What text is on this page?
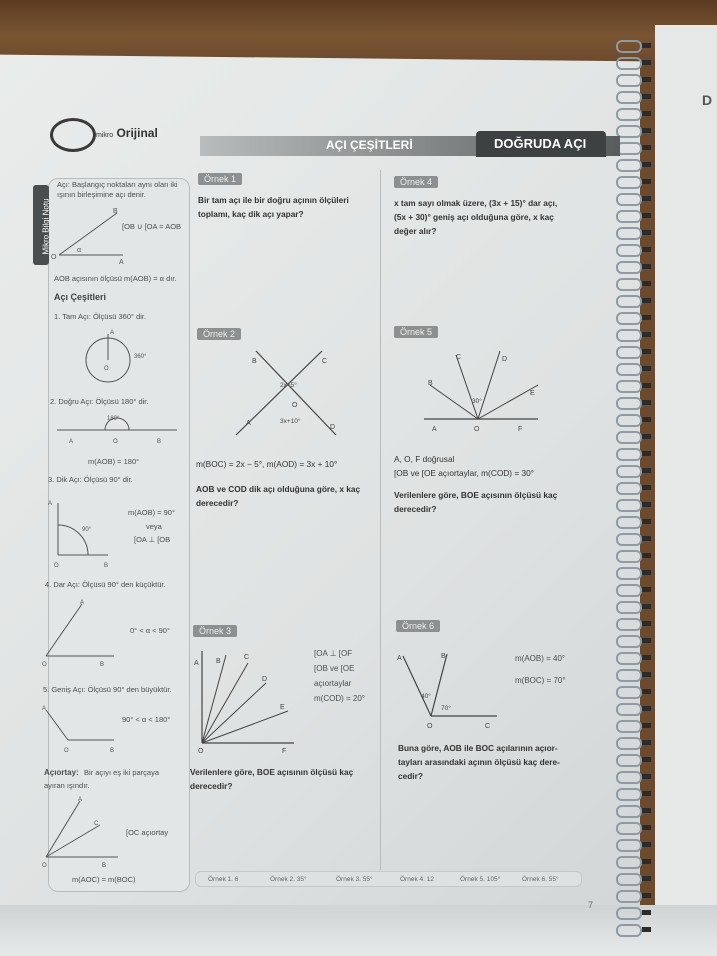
D
mikro Orijinal
AÇI ÇEŞİTLERİ	DOĞRUDA AÇI
Mikro Bilgi Notu
Açı: Başlangıç noktaları aynı olan iki
ışının birleşimine açı denir.
[OB ∪ [OA = AOB
O
B
A
α
AOB açısının ölçüsü m(AOB) = α dır.
Açı Çeşitleri
1. Tam Açı: Ölçüsü 360° dir.
A
O
360°
2. Doğru Açı: Ölçüsü 180° dir.
180°
A	O	B
m(AOB) = 180°
3. Dik Açı: Ölçüsü 90° dir.
90°
A
O	B
m(AOB) = 90°
veya
[OA ⊥ [OB
4. Dar Açı: Ölçüsü 90° den küçüktür.
A
O	B
0° < α < 90°
5. Geniş Açı: Ölçüsü 90° den büyüktür.
A
O	B
90° < α < 180°
Açıortay: Bir açıyı eş iki parçaya
ayıran ışındır.
A
C
O	B
[OC açıortay
m(AOC) = m(BOC)
Örnek 1
Bir tam açı ile bir doğru açının ölçüleri
toplamı, kaç dik açı yapar?
Örnek 2
B	C
A
D
O
2x−5°
3x+10°
m(BOC) = 2x − 5°, m(AOD) = 3x + 10°
AOB ve COD dik açı olduğuna göre, x kaç
derecedir?
Örnek 3
A B
C
D
E
F
O
[OA ⊥ [OF
[OB ve [OE
açıortaylar
m(COD) = 20°
Verilenlere göre, BOE açısının ölçüsü kaç
derecedir?
Örnek 4
x tam sayı olmak üzere, (3x + 15)° dar açı,
(5x + 30)° geniş açı olduğuna göre, x kaç
değer alır?
Örnek 5
B
C	D
E
A	O	F
30°
A, O, F doğrusal
[OB ve [OE açıortaylar, m(COD) = 30°
Verilenlere göre, BOE açısının ölçüsü kaç
derecedir?
Örnek 6
A	B
O	C
40°
70°
m(AOB) = 40°
m(BOC) = 70°
Buna göre, AOB ile BOC açılarının açıor-
tayları arasındaki açının ölçüsü kaç dere-
cedir?
Örnek 1. 6	Örnek 2. 35°	Örnek 3. 55°	Örnek 4. 12	Örnek 5. 105°	Örnek 6. 55°
7
